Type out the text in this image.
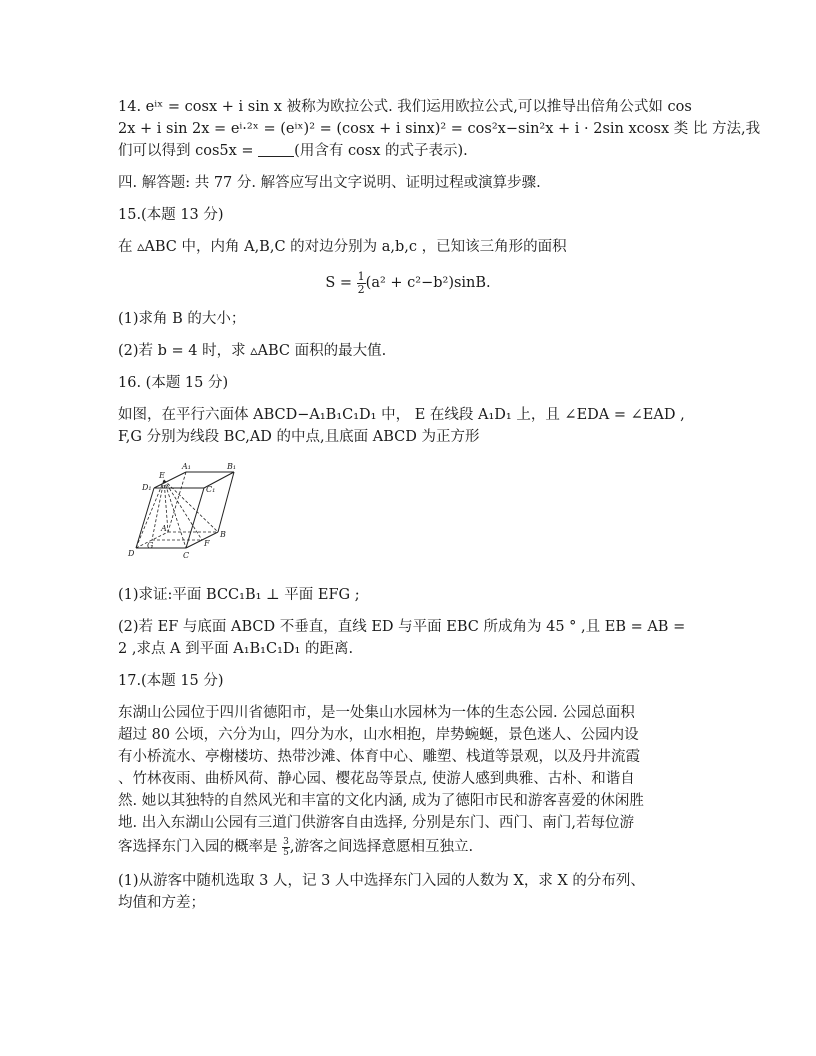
14. eⁱˣ = cosx + i sin x 被称为欧拉公式. 我们运用欧拉公式,可以推导出倍角公式如 cos
2x + i sin 2x = eⁱ·²ˣ = (eⁱˣ)² = (cosx + i sinx)² = cos²x−sin²x + i · 2sin xcosx 类 比 方法,我
们可以得到 cos5x = (用含有 cosx 的式子表示).
四. 解答题: 共 77 分. 解答应写出文字说明、证明过程或演算步骤.
15.(本题 13 分)
在 ▵ABC 中，内角 A,B,C 的对边分别为 a,b,c ，已知该三角形的面积
$S = \frac{1}{2} (a^2 + c^2-b^2)\sin B$.
(1)求角 B 的大小；
(2)若 b = 4 时，求 ▵ABC 面积的最大值.
16. (本题 15 分)
如图，在平行六面体 ABCD−A₁B₁C₁D₁ 中， E 在线段 A₁D₁ 上，且 ∠EDA = ∠EAD ,
F,G 分别为线段 BC,AD 的中点,且底面 ABCD 为正方形
E
A₁	B₁
D₁	C₁
A
B
C
D
F
G
(1)求证:平面 BCC₁B₁ ⊥ 平面 EFG ;
(2)若 EF 与底面 ABCD 不垂直，直线 ED 与平面 EBC 所成角为 45 ° ,且 EB = AB =
2 ,求点 A 到平面 A₁B₁C₁D₁ 的距离.
17.(本题 15 分)
东湖山公园位于四川省德阳市，是一处集山水园林为一体的生态公园. 公园总面积
超过 80 公顷，六分为山，四分为水，山水相抱，岸势蜿蜒，景色迷人、公园内设
有小桥流水、亭榭楼坊、热带沙滩、体育中心、雕塑、栈道等景观，以及丹井流霞
、竹林夜雨、曲桥风荷、静心园、樱花岛等景点, 使游人感到典雅、古朴、和谐自
然. 她以其独特的自然风光和丰富的文化内涵, 成为了德阳市民和游客喜爱的休闲胜
地. 出入东湖山公园有三道门供游客自由选择, 分别是东门、西门、南门,若每位游
客选择东门入园的概率是 $\frac{3}{5}$ ,游客之间选择意愿相互独立.
(1)从游客中随机选取 3 人，记 3 人中选择东门入园的人数为 X，求 X 的分布列、
均值和方差；
